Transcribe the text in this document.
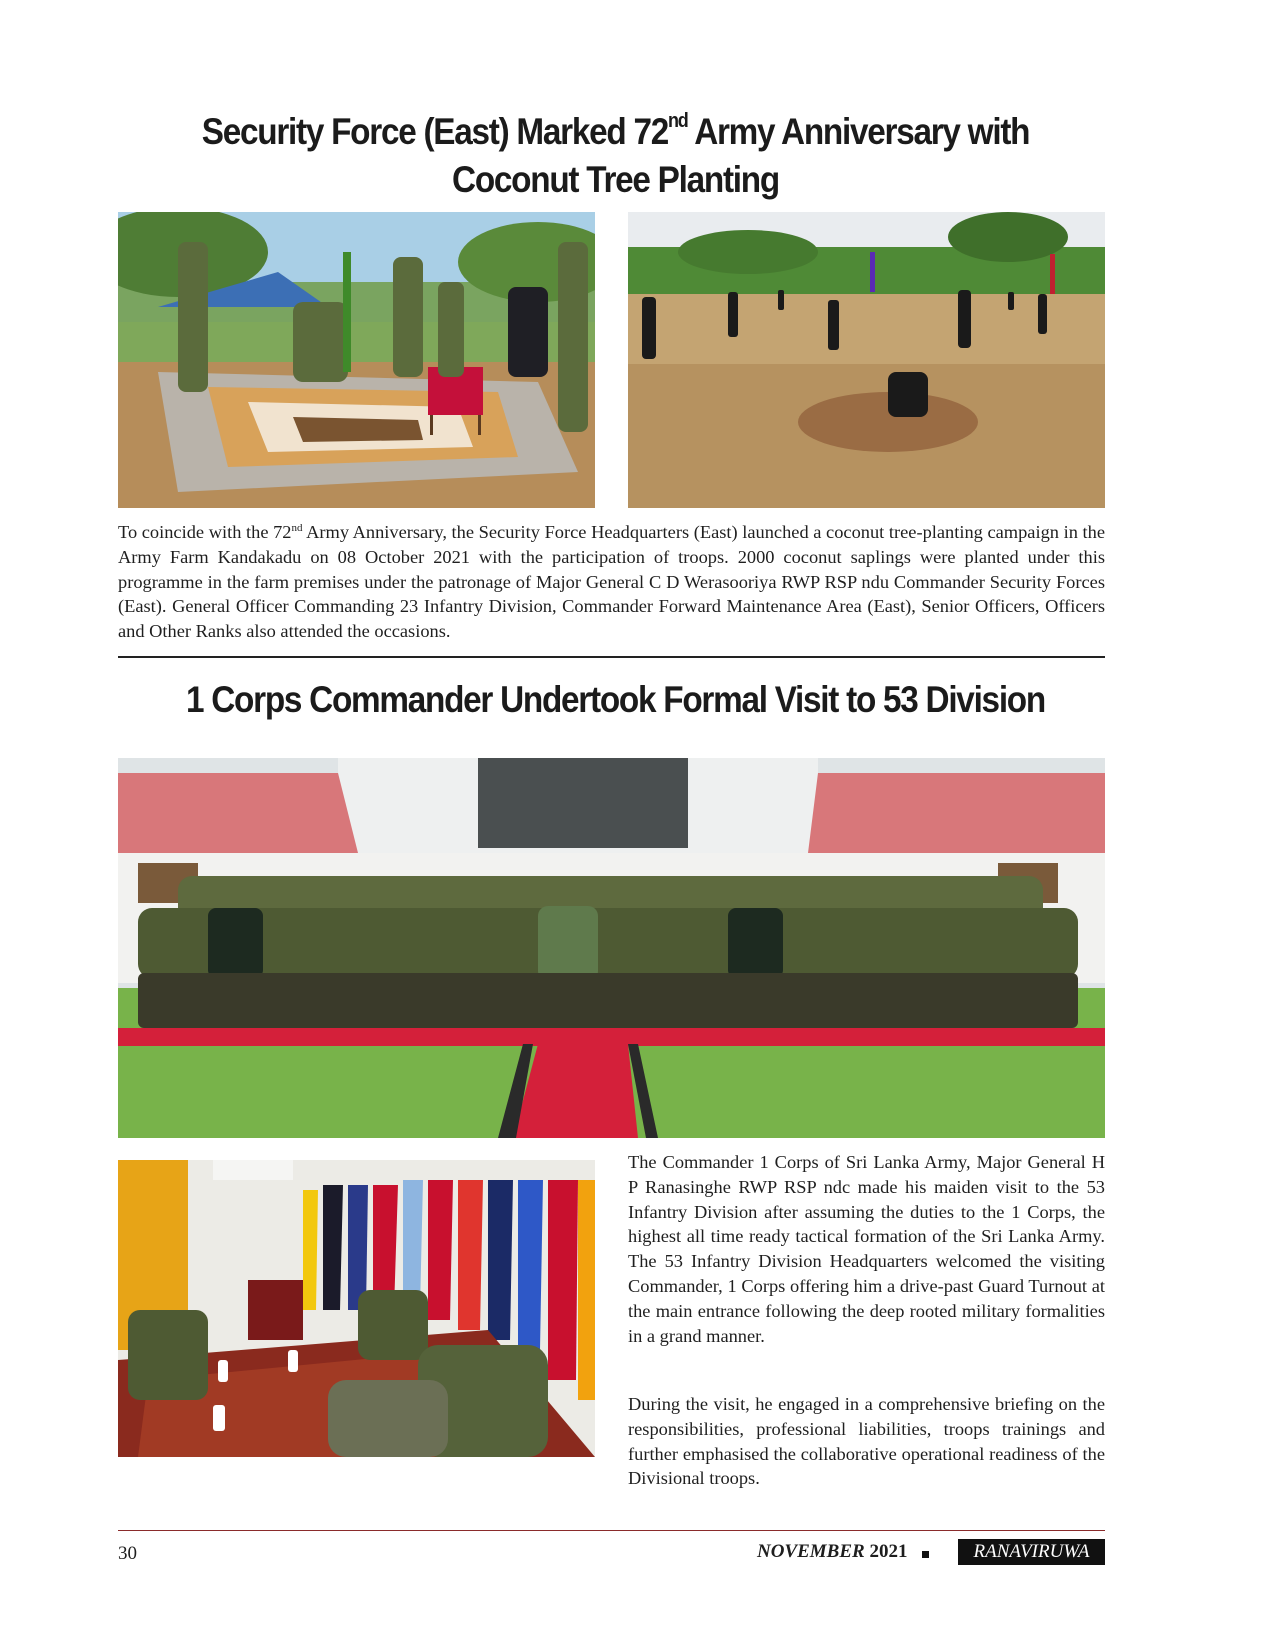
Security Force (East) Marked 72nd Army Anniversary with
Coconut Tree Planting

To coincide with the 72nd Army Anniversary, the Security Force Headquarters (East) launched a coconut tree-planting campaign in the Army Farm Kandakadu on 08 October 2021 with the participation of troops. 2000 coconut saplings were planted under this programme in the farm premises under the patronage of Major General C D Werasooriya RWP RSP ndu Commander Security Forces (East). General Officer Commanding 23 Infantry Division, Commander Forward Maintenance Area (East), Senior Officers, Officers and Other Ranks also attended the occasions.

1 Corps Commander Undertook Formal Visit to 53 Division

The Commander 1 Corps of Sri Lanka Army, Major General H P Ranasinghe RWP RSP ndc made his maiden visit to the 53 Infantry Division after assuming the duties to the 1 Corps, the highest all time ready tactical formation of the Sri Lanka Army. The 53 Infantry Division Headquarters welcomed the visiting Commander, 1 Corps offering him a drive-past Guard Turnout at the main entrance following the deep rooted military formalities in a grand manner.

During the visit, he engaged in a comprehensive briefing on the responsibilities, professional liabilities, troops trainings and further emphasised the collaborative operational readiness of the Divisional troops.

30	NOVEMBER 2021	RANAVIRUWA
